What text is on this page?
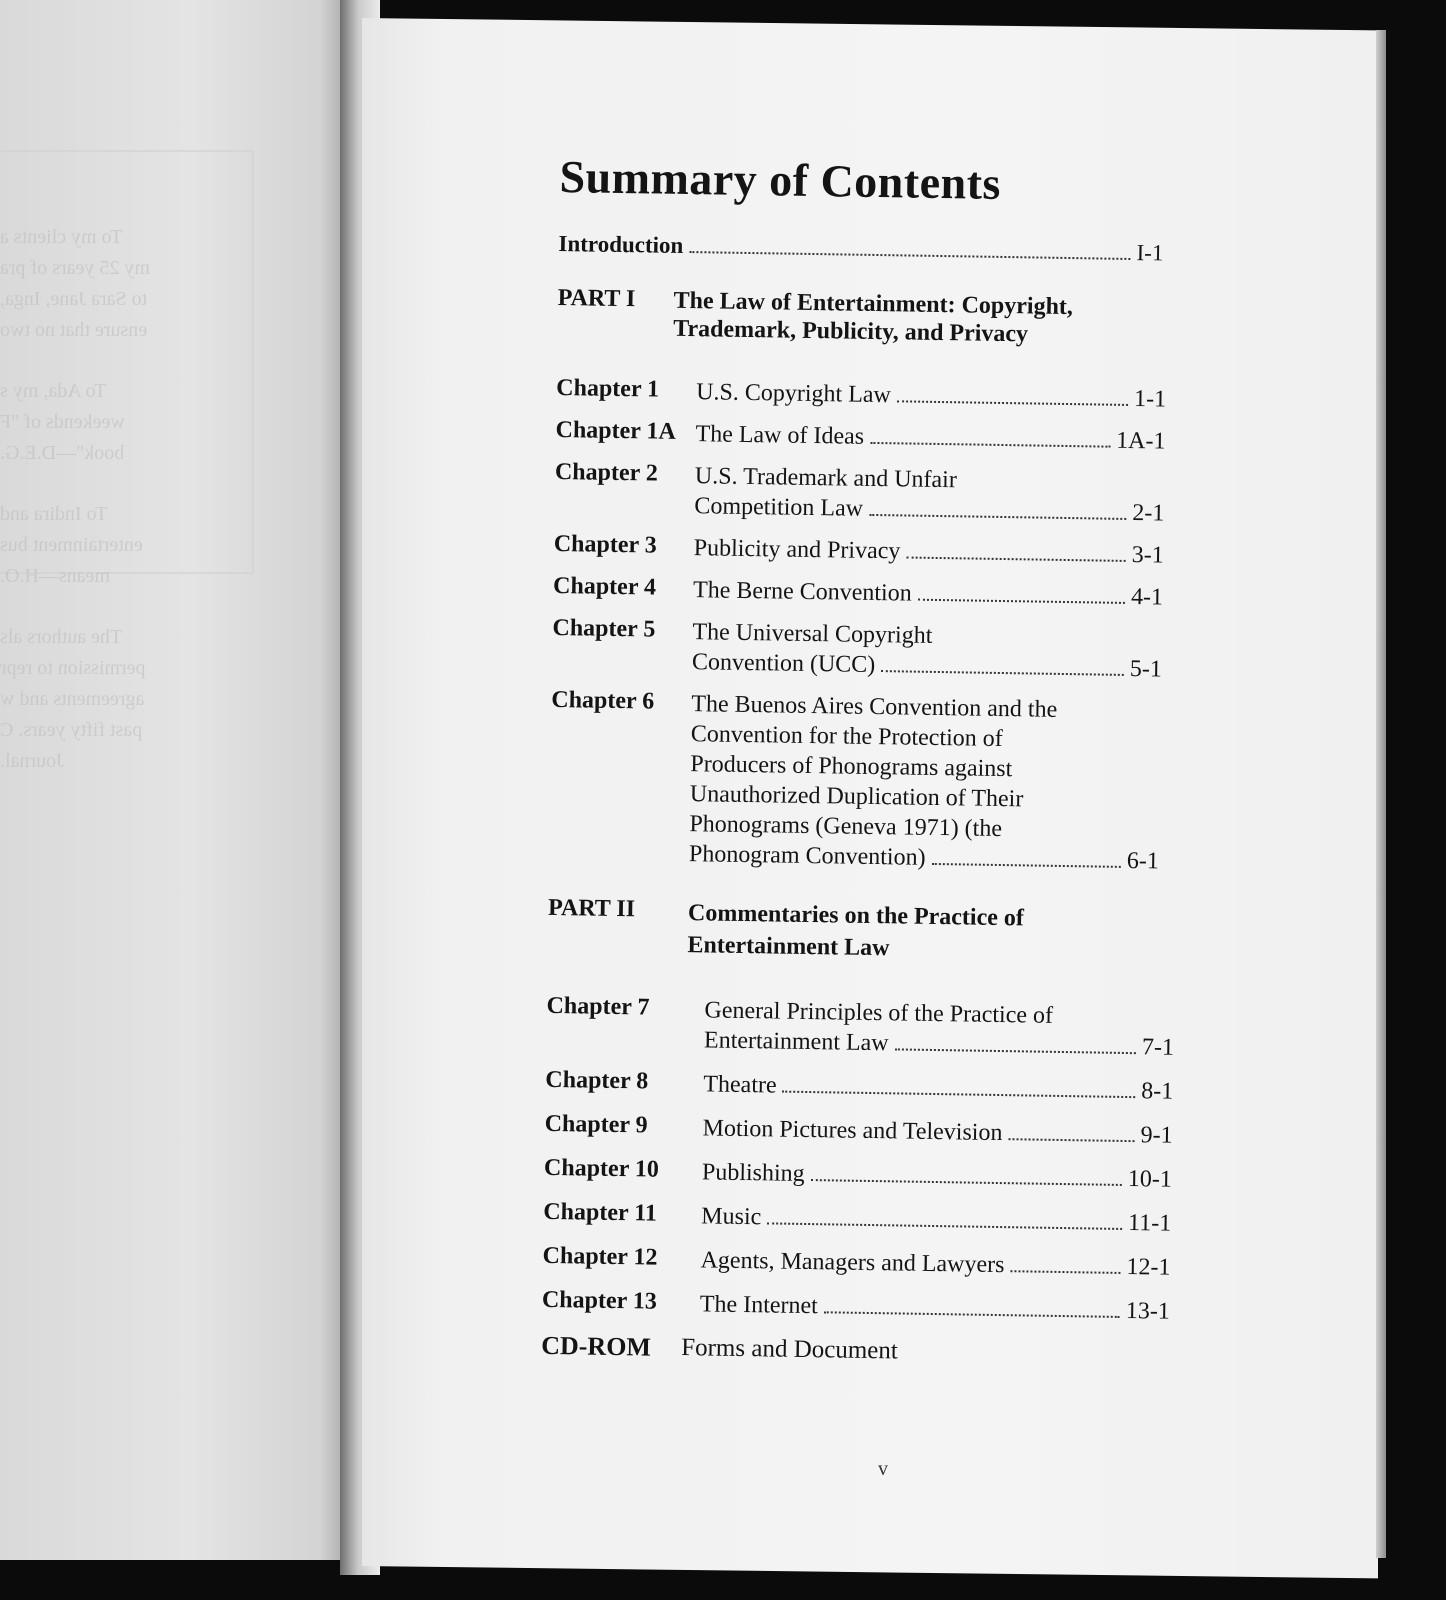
To my clients a
my 25 years of pra
to Sara Jane, Inga,
ensure that no two
To Ada, my s
weekends of "F
book"—D.E.G.
To Indira and
entertainment bus
means—H.O.
The authors als
permission to repr
agreements and w
past fifty years. C
Journal.
Summary of Contents
Introduction	I-1
PART I	The Law of Entertainment: Copyright,
Trademark, Publicity, and Privacy
Chapter 1	U.S. Copyright Law	1-1
Chapter 1A The Law of Ideas	1A-1
Chapter 2	U.S. Trademark and Unfair
Competition Law	2-1
Chapter 3	Publicity and Privacy	3-1
Chapter 4	The Berne Convention	4-1
Chapter 5	The Universal Copyright
Convention (UCC)	5-1
Chapter 6	The Buenos Aires Convention and the
Convention for the Protection of
Producers of Phonograms against
Unauthorized Duplication of Their
Phonograms (Geneva 1971) (the
Phonogram Convention)	6-1
PART II	Commentaries on the Practice of
Entertainment Law
Chapter 7	General Principles of the Practice of
Entertainment Law	7-1
Chapter 8	Theatre	8-1
Chapter 9	Motion Pictures and Television	9-1
Chapter 10	Publishing	10-1
Chapter 11	Music	11-1
Chapter 12	Agents, Managers and Lawyers	12-1
Chapter 13	The Internet	13-1
CD-ROM	Forms and Document
v
